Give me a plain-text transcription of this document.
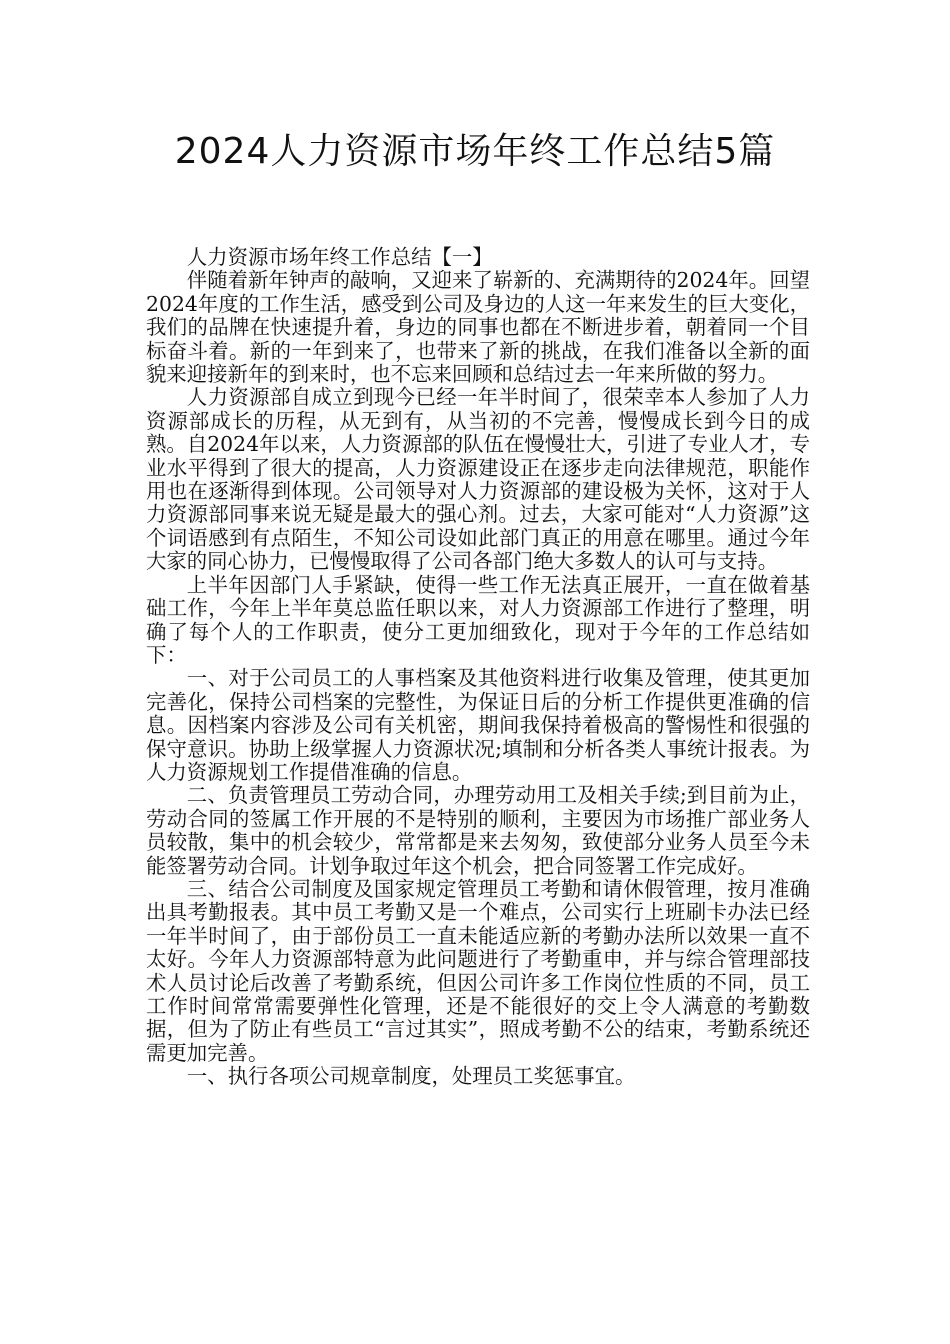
2024人力资源市场年终工作总结5篇

人力资源市场年终工作总结【一】

伴随着新年钟声的敲响，又迎来了崭新的、充满期待的2024年。回望2024年度的工作生活，感受到公司及身边的人这一年来发生的巨大变化，我们的品牌在快速提升着，身边的同事也都在不断进步着，朝着同一个目标奋斗着。新的一年到来了，也带来了新的挑战，在我们准备以全新的面貌来迎接新年的到来时，也不忘来回顾和总结过去一年来所做的努力。

人力资源部自成立到现今已经一年半时间了，很荣幸本人参加了人力资源部成长的历程，从无到有，从当初的不完善，慢慢成长到今日的成熟。自2024年以来，人力资源部的队伍在慢慢壮大，引进了专业人才，专业水平得到了很大的提高，人力资源建设正在逐步走向法律规范，职能作用也在逐渐得到体现。公司领导对人力资源部的建设极为关怀，这对于人力资源部同事来说无疑是最大的强心剂。过去，大家可能对“人力资源”这个词语感到有点陌生，不知公司设如此部门真正的用意在哪里。通过今年大家的同心协力，已慢慢取得了公司各部门绝大多数人的认可与支持。

上半年因部门人手紧缺，使得一些工作无法真正展开，一直在做着基础工作，今年上半年莫总监任职以来，对人力资源部工作进行了整理，明确了每个人的工作职责，使分工更加细致化，现对于今年的工作总结如下：

一、对于公司员工的人事档案及其他资料进行收集及管理，使其更加完善化，保持公司档案的完整性，为保证日后的分析工作提供更准确的信息。因档案内容涉及公司有关机密，期间我保持着极高的警惕性和很强的保守意识。协助上级掌握人力资源状况;填制和分析各类人事统计报表。为人力资源规划工作提借准确的信息。

二、负责管理员工劳动合同，办理劳动用工及相关手续;到目前为止，劳动合同的签属工作开展的不是特别的顺利，主要因为市场推广部业务人员较散，集中的机会较少，常常都是来去匆匆，致使部分业务人员至今未能签署劳动合同。计划争取过年这个机会，把合同签署工作完成好。

三、结合公司制度及国家规定管理员工考勤和请休假管理，按月准确出具考勤报表。其中员工考勤又是一个难点，公司实行上班刷卡办法已经一年半时间了，由于部份员工一直未能适应新的考勤办法所以效果一直不太好。今年人力资源部特意为此问题进行了考勤重申，并与综合管理部技术人员讨论后改善了考勤系统，但因公司许多工作岗位性质的不同，员工工作时间常常需要弹性化管理，还是不能很好的交上令人满意的考勤数据，但为了防止有些员工“言过其实”，照成考勤不公的结束，考勤系统还需更加完善。

一、执行各项公司规章制度，处理员工奖惩事宜。
